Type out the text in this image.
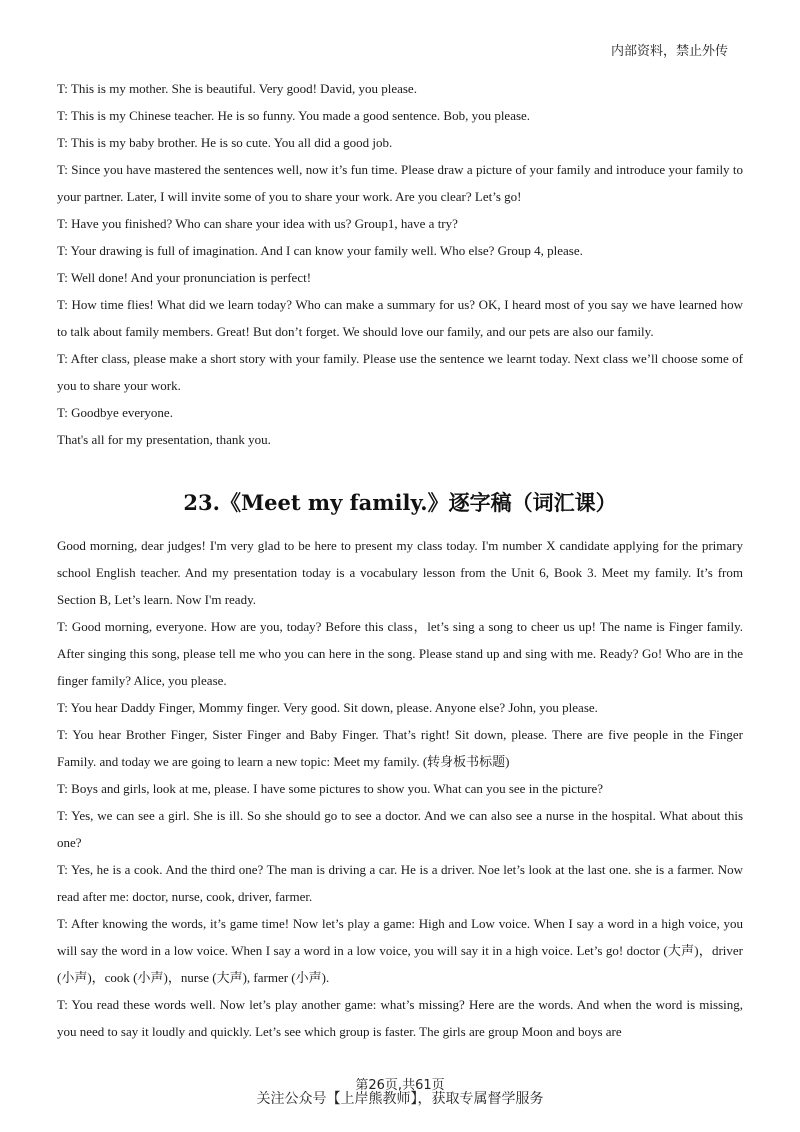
内部资料，禁止外传

T: This is my mother. She is beautiful. Very good! David, you please.

T: This is my Chinese teacher. He is so funny. You made a good sentence. Bob, you please.

T: This is my baby brother. He is so cute. You all did a good job.

T: Since you have mastered the sentences well, now it’s fun time. Please draw a picture of your family and introduce your family to your partner. Later, I will invite some of you to share your work. Are you clear? Let’s go!

T: Have you finished? Who can share your idea with us? Group1, have a try?

T: Your drawing is full of imagination. And I can know your family well. Who else? Group 4, please.

T: Well done! And your pronunciation is perfect!

T: How time flies! What did we learn today? Who can make a summary for us? OK, I heard most of you say we have learned how to talk about family members. Great! But don’t forget. We should love our family, and our pets are also our family.

T: After class, please make a short story with your family. Please use the sentence we learnt today. Next class we’ll choose some of you to share your work.

T: Goodbye everyone.

That's all for my presentation, thank you.

23.《Meet my family.》逐字稿（词汇课）

Good morning, dear judges! I'm very glad to be here to present my class today. I'm number X candidate applying for the primary school English teacher. And my presentation today is a vocabulary lesson from the Unit 6, Book 3. Meet my family. It’s from Section B, Let’s learn. Now I'm ready.

T: Good morning, everyone. How are you, today? Before this class，let’s sing a song to cheer us up! The name is Finger family. After singing this song, please tell me who you can here in the song. Please stand up and sing with me. Ready? Go! Who are in the finger family? Alice, you please.

T: You hear Daddy Finger, Mommy finger. Very good. Sit down, please. Anyone else? John, you please.

T: You hear Brother Finger, Sister Finger and Baby Finger. That’s right! Sit down, please. There are five people in the Finger Family. and today we are going to learn a new topic: Meet my family. (转身板书标题)

T: Boys and girls, look at me, please. I have some pictures to show you. What can you see in the picture?

T: Yes, we can see a girl. She is ill. So she should go to see a doctor. And we can also see a nurse in the hospital. What about this one?

T: Yes, he is a cook. And the third one? The man is driving a car. He is a driver. Noe let’s look at the last one. she is a farmer. Now read after me: doctor, nurse, cook, driver, farmer.

T: After knowing the words, it’s game time! Now let’s play a game: High and Low voice. When I say a word in a high voice, you will say the word in a low voice. When I say a word in a low voice, you will say it in a high voice. Let’s go! doctor (大声)，driver (小声)，cook (小声)，nurse (大声), farmer (小声).

T: You read these words well. Now let’s play another game: what’s missing? Here are the words. And when the word is missing, you need to say it loudly and quickly. Let’s see which group is faster. The girls are group Moon and boys are

第26页,共61页
关注公众号【上岸熊教师】，获取专属督学服务
